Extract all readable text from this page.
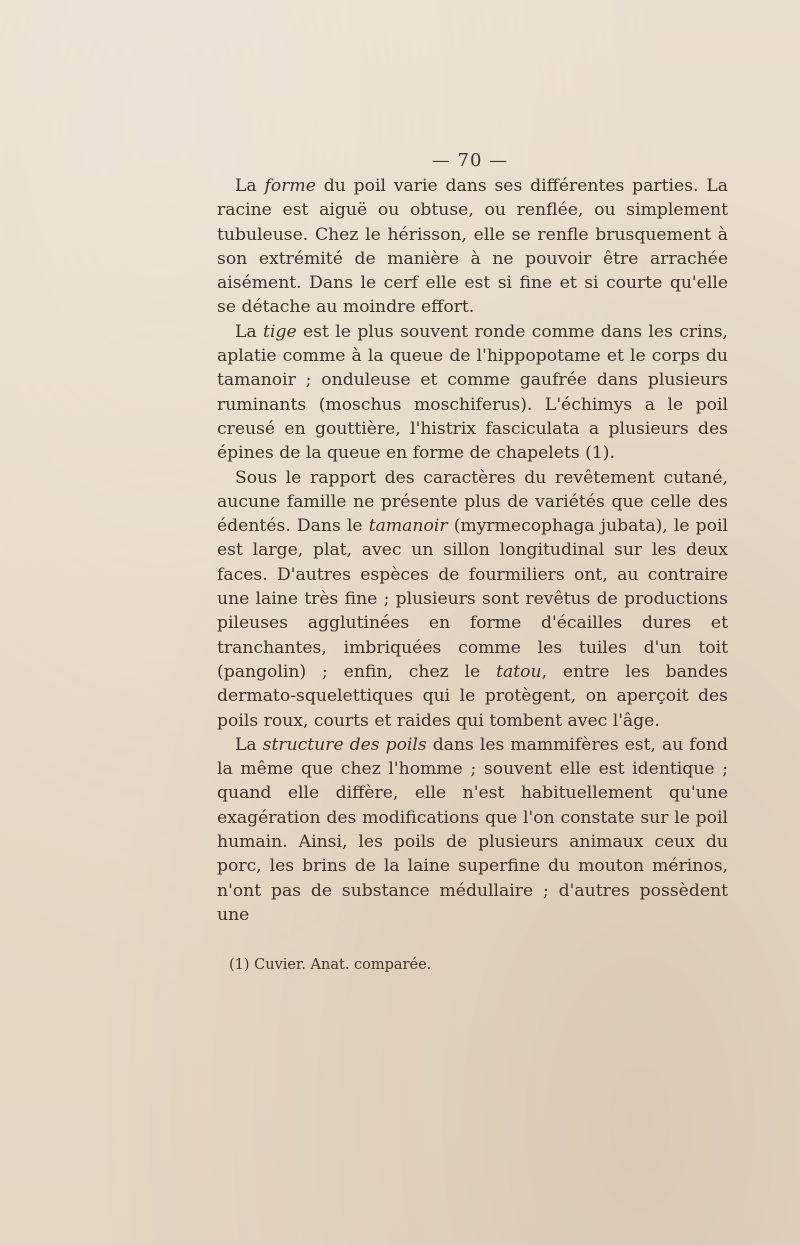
— 70 —

La forme du poil varie dans ses différentes parties. La racine est aiguë ou obtuse, ou renflée, ou simplement tubuleuse. Chez le hérisson, elle se renfle brusquement à son extrémité de manière à ne pouvoir être arrachée aisément. Dans le cerf elle est si fine et si courte qu'elle se détache au moindre effort.

La tige est le plus souvent ronde comme dans les crins, aplatie comme à la queue de l'hippopotame et le corps du tamanoir ; onduleuse et comme gaufrée dans plusieurs ruminants (moschus moschiferus). L'échimys a le poil creusé en gouttière, l'histrix fasciculata a plusieurs des épines de la queue en forme de chapelets (1).

Sous le rapport des caractères du revêtement cutané, aucune famille ne présente plus de variétés que celle des édentés. Dans le tamanoir (myrmecophaga jubata), le poil est large, plat, avec un sillon longitudinal sur les deux faces. D'autres espèces de fourmiliers ont, au contraire une laine très fine ; plusieurs sont revêtus de productions pileuses agglutinées en forme d'écailles dures et tranchantes, imbriquées comme les tuiles d'un toit (pangolin) ; enfin, chez le tatou, entre les bandes dermato-squelettiques qui le protègent, on aperçoit des poils roux, courts et raides qui tombent avec l'âge.

La structure des poils dans les mammifères est, au fond la même que chez l'homme ; souvent elle est identique ; quand elle diffère, elle n'est habituellement qu'une exagération des modifications que l'on constate sur le poil humain. Ainsi, les poils de plusieurs animaux ceux du porc, les brins de la laine superfine du mouton mérinos, n'ont pas de substance médullaire ; d'autres possèdent une

(1) Cuvier. Anat. comparée.
